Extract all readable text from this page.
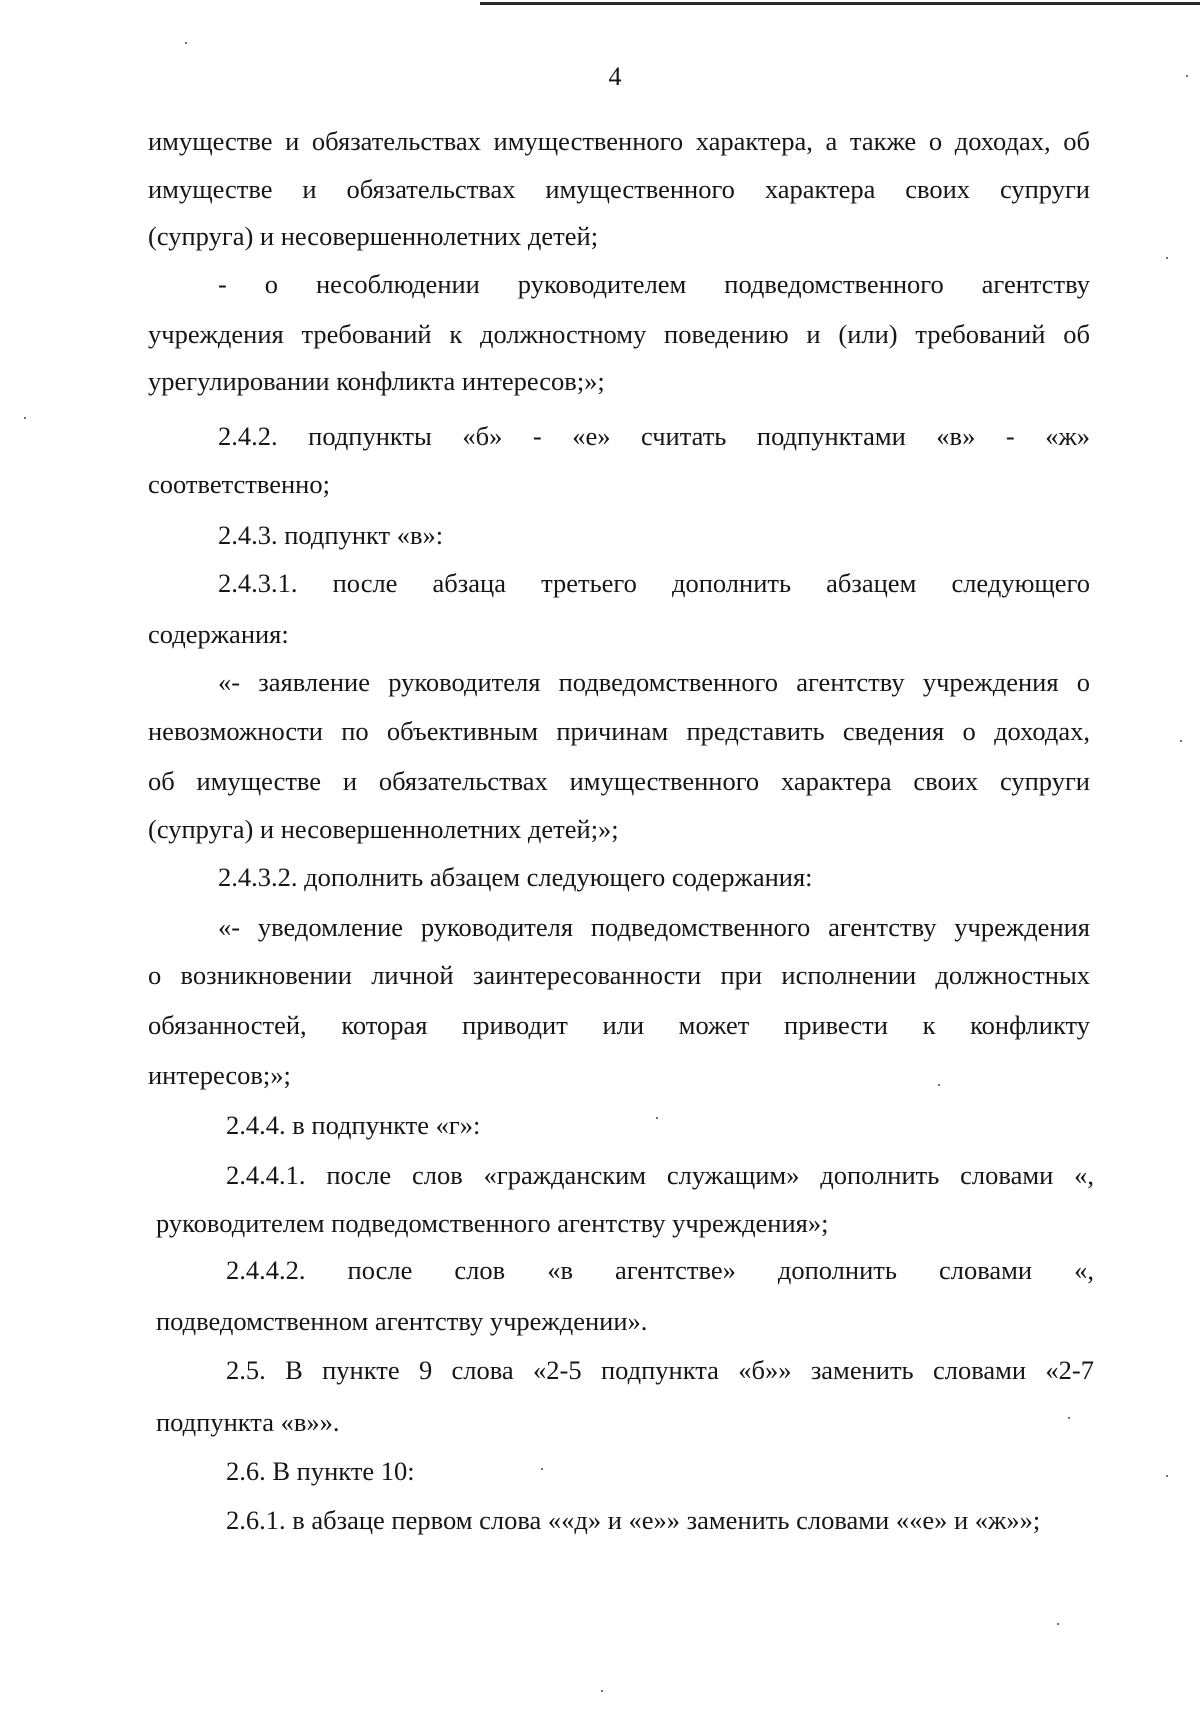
4
имуществе и обязательствах имущественного характера, а также о доходах, об
имуществе и обязательствах имущественного характера своих супруги
(супруга) и несовершеннолетних детей;
- о несоблюдении руководителем подведомственного агентству
учреждения требований к должностному поведению и (или) требований об
урегулировании конфликта интересов;»;
2.4.2. подпункты «б» - «е» считать подпунктами «в» - «ж»
соответственно;
2.4.3. подпункт «в»:
2.4.3.1. после абзаца третьего дополнить абзацем следующего
содержания:
«- заявление руководителя подведомственного агентству учреждения о
невозможности по объективным причинам представить сведения о доходах,
об имуществе и обязательствах имущественного характера своих супруги
(супруга) и несовершеннолетних детей;»;
2.4.3.2. дополнить абзацем следующего содержания:
«- уведомление руководителя подведомственного агентству учреждения
о возникновении личной заинтересованности при исполнении должностных
обязанностей, которая приводит или может привести к конфликту
интересов;»;
2.4.4. в подпункте «г»:
2.4.4.1. после слов «гражданским служащим» дополнить словами «,
руководителем подведомственного агентству учреждения»;
2.4.4.2. после слов «в агентстве» дополнить словами «,
подведомственном агентству учреждении».
2.5. В пункте 9 слова «2-5 подпункта «б»» заменить словами «2-7
подпункта «в»».
2.6. В пункте 10:
2.6.1. в абзаце первом слова ««д» и «е»» заменить словами ««е» и «ж»»;
